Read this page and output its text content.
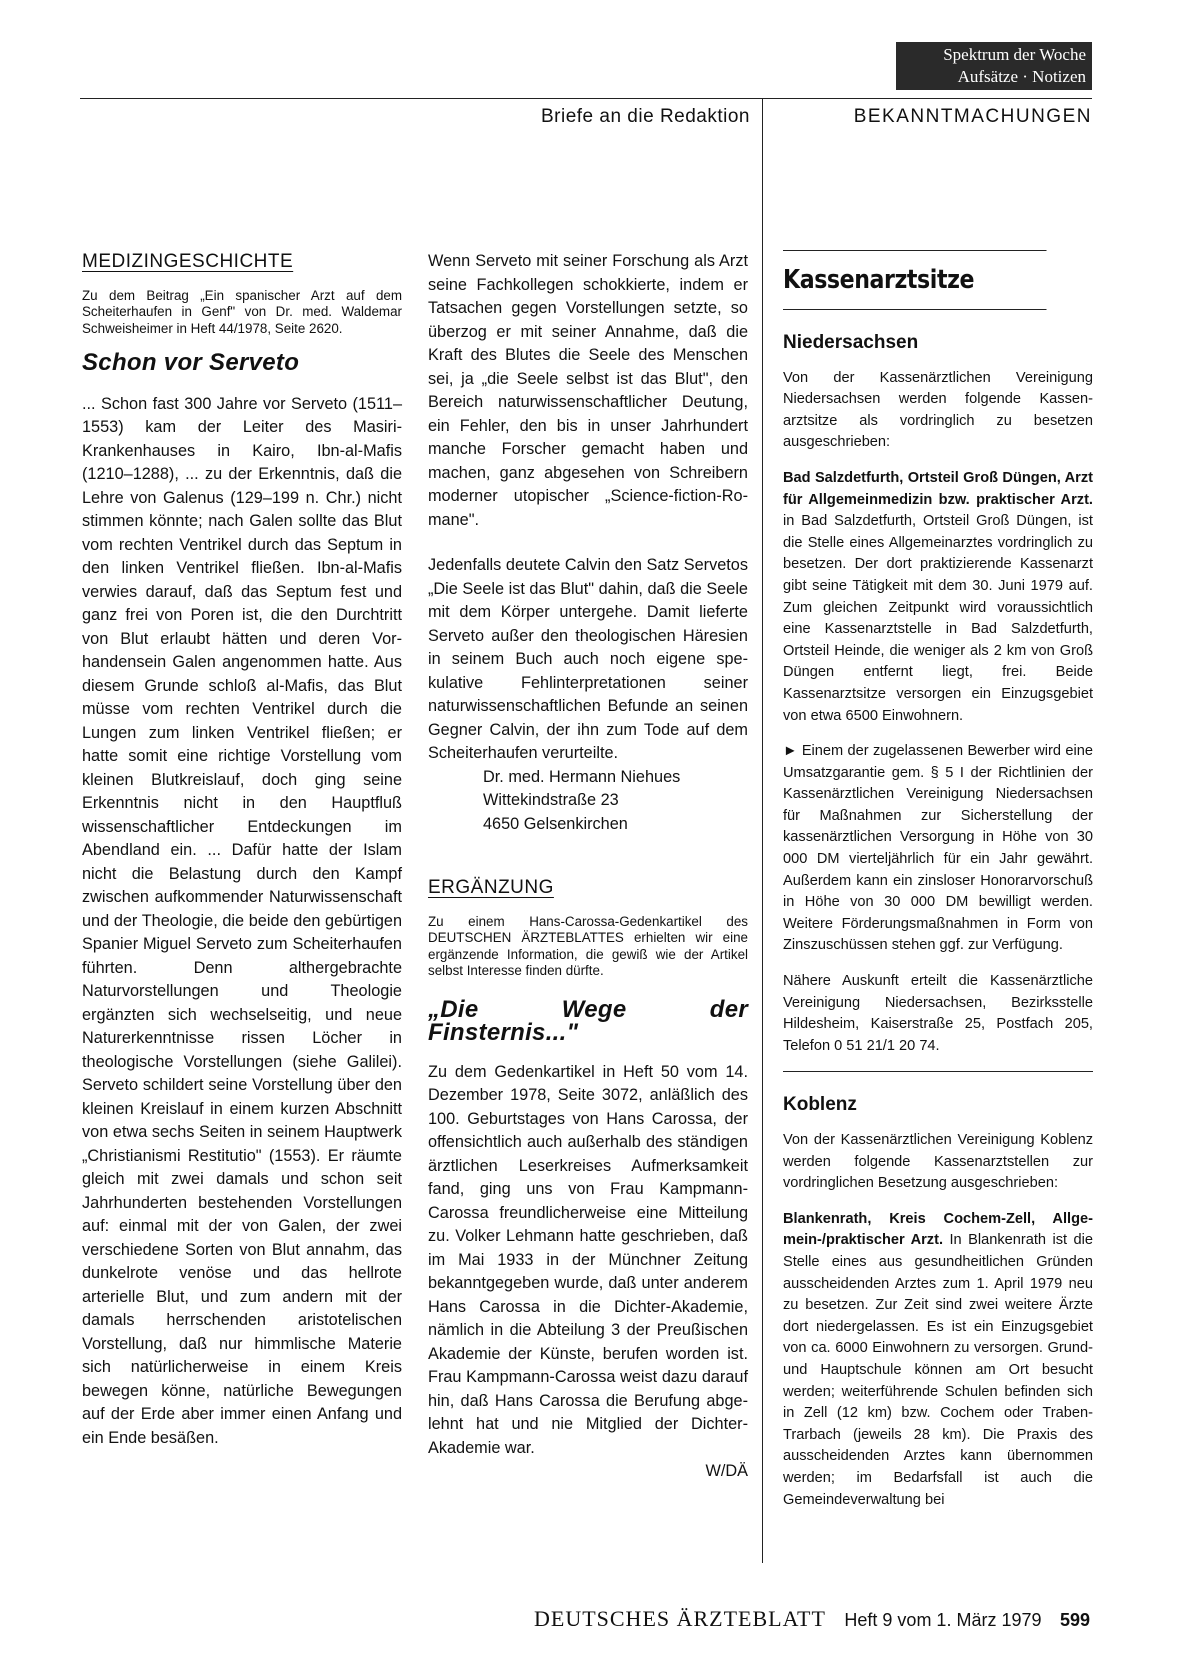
Spektrum der Woche
Aufsätze · Notizen
Briefe an die Redaktion	BEKANNTMACHUNGEN
MEDIZINGESCHICHTE

Zu dem Beitrag „Ein spanischer Arzt auf dem Scheiterhaufen in Genf" von Dr. med. Waldemar Schweisheimer in Heft 44/1978, Seite 2620.

Schon vor Serveto

... Schon fast 300 Jahre vor Serveto (1511–1553) kam der Leiter des Masiri-Krankenhauses in Kairo, Ibn-al-Mafis (1210–1288), ... zu der Erkenntnis, daß die Lehre von Galenus (129–199 n. Chr.) nicht stimmen könnte; nach Galen sollte das Blut vom rechten Ventrikel durch das Septum in den linken Ventrikel fließen. Ibn-al-Mafis verwies darauf, daß das Septum fest und ganz frei von Poren ist, die den Durchtritt von Blut erlaubt hätten und deren Vorhandensein Galen angenommen hatte. Aus diesem Grunde schloß al-Mafis, das Blut müsse vom rechten Ventrikel durch die Lungen zum linken Ventrikel fließen; er hatte somit eine richtige Vorstellung vom kleinen Blutkreislauf, doch ging seine Erkenntnis nicht in den Hauptfluß wissenschaftlicher Entdeckungen im Abendland ein. ... Dafür hatte der Islam nicht die Belastung durch den Kampf zwischen aufkommender Naturwissenschaft und der Theologie, die beide den gebürtigen Spanier Miguel Serveto zum Scheiterhaufen führten. Denn althergebrachte Naturvorstellungen und Theologie ergänzten sich wechselseitig, und neue Naturerkenntnisse rissen Löcher in theologische Vorstellungen (siehe Galilei). Serveto schildert seine Vorstellung über den kleinen Kreislauf in einem kurzen Abschnitt von etwa sechs Seiten in seinem Hauptwerk „Christianismi Restitutio" (1553). Er räumte gleich mit zwei damals und schon seit Jahrhunderten bestehenden Vorstellungen auf: einmal mit der von Galen, der zwei verschiedene Sorten von Blut annahm, das dunkelrote venöse und das hellrote arterielle Blut, und zum andern mit der damals herrschenden aristotelischen Vorstellung, daß nur himmlische Materie sich natürlicherweise in einem Kreis bewegen könne, natürliche Bewegungen auf der Erde aber immer einen Anfang und ein Ende besäßen.

Wenn Serveto mit seiner Forschung als Arzt seine Fachkollegen schokkierte, indem er Tatsachen gegen Vorstellungen setzte, so überzog er mit seiner Annahme, daß die Kraft des Blutes die Seele des Menschen sei, ja „die Seele selbst ist das Blut", den Bereich naturwissenschaftlicher Deutung, ein Fehler, den bis in unser Jahrhundert manche Forscher gemacht haben und machen, ganz abgesehen von Schreibern moderner utopischer „Science-fiction-Romane".

Jedenfalls deutete Calvin den Satz Servetos „Die Seele ist das Blut" dahin, daß die Seele mit dem Körper untergehe. Damit lieferte Serveto außer den theologischen Häresien in seinem Buch auch noch eigene spekulative Fehlinterpretationen seiner naturwissenschaftlichen Befunde an seinen Gegner Calvin, der ihn zum Tode auf dem Scheiterhaufen verurteilte.

Dr. med. Hermann Niehues

Wittekindstraße 23

4650 Gelsenkirchen

ERGÄNZUNG

Zu einem Hans-Carossa-Gedenkartikel des DEUTSCHEN ÄRZTEBLATTES erhielten wir eine ergänzende Information, die gewiß wie der Artikel selbst Interesse finden dürfte.

„Die Wege der Finsternis..."

Zu dem Gedenkartikel in Heft 50 vom 14. Dezember 1978, Seite 3072, anläßlich des 100. Geburtstages von Hans Carossa, der offensichtlich auch außerhalb des ständigen ärztlichen Leserkreises Aufmerksamkeit fand, ging uns von Frau Kampmann-Carossa freundlicherweise eine Mitteilung zu. Volker Lehmann hatte geschrieben, daß im Mai 1933 in der Münchner Zeitung bekanntgegeben wurde, daß unter anderem Hans Carossa in die Dichter-Akademie, nämlich in die Abteilung 3 der Preußischen Akademie der Künste, berufen worden ist. Frau Kampmann-Carossa weist dazu darauf hin, daß Hans Carossa die Berufung abgelehnt hat und nie Mitglied der Dichter-Akademie war.

W/DÄ

Kassenarztsitze
Niedersachsen

Von der Kassenärztlichen Vereinigung Niedersachsen werden folgende Kassenarztsitze als vordringlich zu besetzen ausgeschrieben:

Bad Salzdetfurth, Ortsteil Groß Düngen, Arzt für Allgemeinmedizin bzw. praktischer Arzt. in Bad Salzdetfurth, Ortsteil Groß Düngen, ist die Stelle eines Allgemeinarztes vordringlich zu besetzen. Der dort praktizierende Kassenarzt gibt seine Tätigkeit mit dem 30. Juni 1979 auf. Zum gleichen Zeitpunkt wird voraussichtlich eine Kassenarztstelle in Bad Salzdetfurth, Ortsteil Heinde, die weniger als 2 km von Groß Düngen entfernt liegt, frei. Beide Kassenarztsitze versorgen ein Einzugsgebiet von etwa 6500 Einwohnern.

► Einem der zugelassenen Bewerber wird eine Umsatzgarantie gem. § 5 I der Richtlinien der Kassenärztlichen Vereinigung Niedersachsen für Maßnahmen zur Sicherstellung der kassenärztlichen Versorgung in Höhe von 30 000 DM vierteljährlich für ein Jahr gewährt. Außerdem kann ein zinsloser Honorarvorschuß in Höhe von 30 000 DM bewilligt werden. Weitere Förderungsmaßnahmen in Form von Zinszuschüssen stehen ggf. zur Verfügung.

Nähere Auskunft erteilt die Kassenärztliche Vereinigung Niedersachsen, Bezirksstelle Hildesheim, Kaiserstraße 25, Postfach 205, Telefon 0 51 21/1 20 74.

Koblenz

Von der Kassenärztlichen Vereinigung Koblenz werden folgende Kassenarztstellen zur vordringlichen Besetzung ausgeschrieben:

Blankenrath, Kreis Cochem-Zell, Allgemein-/praktischer Arzt. In Blankenrath ist die Stelle eines aus gesundheitlichen Gründen ausscheidenden Arztes zum 1. April 1979 neu zu besetzen. Zur Zeit sind zwei weitere Ärzte dort niedergelassen. Es ist ein Einzugsgebiet von ca. 6000 Einwohnern zu versorgen. Grund- und Hauptschule können am Ort besucht werden; weiterführende Schulen befinden sich in Zell (12 km) bzw. Cochem oder Traben-Trarbach (jeweils 28 km). Die Praxis des ausscheidenden Arztes kann übernommen werden; im Bedarfsfall ist auch die Gemeindeverwaltung bei

DEUTSCHES ÄRZTEBLATT Heft 9 vom 1. März 1979 599
